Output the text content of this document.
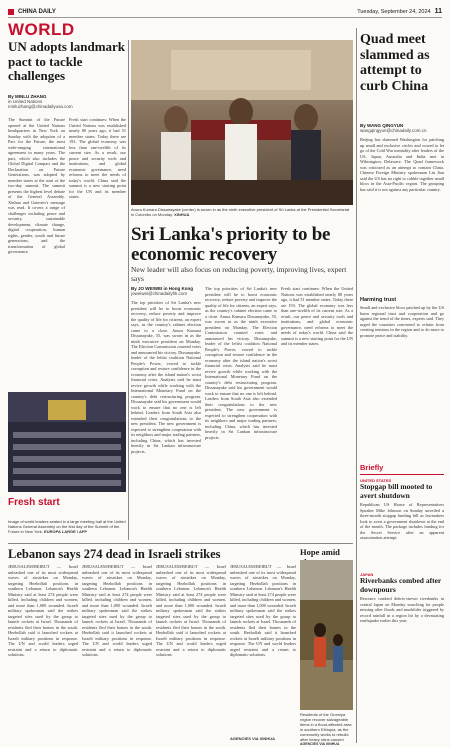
CHINA DAILY	Tuesday, September 24, 2024 11
WORLD
UN adopts landmark pact to tackle challenges
By MINLU ZHANG
in United Nations
minluzhang@chinadailyusa.com
The Summit of the Future opened at the United Nations headquarters in New York on Sunday with the adoption of a Pact for the Future, the most wide-ranging international agreement in many years. The pact, which also includes the Global Digital Compact and the Declaration on Future Generations, was adopted by member states at the start of the two-day summit. The summit presents the highest level debate of the General Assembly. Xinhua and Guterres's message was read. It covers a range of challenges including peace and security, sustainable development, climate change, digital cooperation, human rights, gender, youth and future generations, and the transformation of global governance.
Fresh start continues: When the United Nations was established nearly 80 years ago, it had 51 member states. Today there are 193. The global economy was less than one-twelfth of its current size. As a result, our peace and security tools and institutions, and global economic governance, need reforms to meet the needs of today's world. China said the summit is a new starting point for the UN and its member states.
Anura Kumara Dissanayake (center) is sworn in as the ninth executive president of Sri Lanka at the Presidential Secretariat in Colombo on Monday. XINHUA
Sri Lanka's priority to be economic recovery
New leader will also focus on reducing poverty, improving lives, expert says
By JO WEIWEI in Hong Kong
joweiwei@chinadailyhk.com
The top priorities of Sri Lanka's new president will be to boost economic recovery, reduce poverty and improve the quality of life for citizens, an expert says, as the country's cabinet election came to a close. Anura Kumara Dissanayake, 55, was sworn in as the ninth executive president on Monday. The Election Commission counted votes and announced his victory. Dissanayake, leader of the leftist coalition National People's Power, vowed to tackle corruption and restore confidence in the economy after the island nation's worst financial crisis. Analysts said he must revive growth while working with the International Monetary Fund on the country's debt restructuring program. Dissanayake said his government would work to ensure that no one is left behind. Leaders from South Asia also extended their congratulations to the new president. The new government is expected to strengthen cooperation with its neighbors and major trading partners, including China, which has invested heavily in Sri Lankan infrastructure projects.
The top priorities of Sri Lanka's new president will be to boost economic recovery, reduce poverty and improve the quality of life for citizens, an expert says, as the country's cabinet election came to a close. Anura Kumara Dissanayake, 55, was sworn in as the ninth executive president on Monday. The Election Commission counted votes and announced his victory. Dissanayake, leader of the leftist coalition National People's Power, vowed to tackle corruption and restore confidence in the economy after the island nation's worst financial crisis. Analysts said he must revive growth while working with the International Monetary Fund on the country's debt restructuring program. Dissanayake said his government would work to ensure that no one is left behind. Leaders from South Asia also extended their congratulations to the new president. The new government is expected to strengthen cooperation with its neighbors and major trading partners, including China, which has invested heavily in Sri Lankan infrastructure projects.
Fresh start continues: When the United Nations was established nearly 80 years ago, it had 51 member states. Today there are 193. The global economy was less than one-twelfth of its current size. As a result, our peace and security tools and institutions, and global economic governance, need reforms to meet the needs of today's world. China said the summit is a new starting point for the UN and its member states.
Image of world leaders seated in a large meeting hall at the United Nations General Assembly on the first day of the Summit of the Future in New York. EUROPA LARGE / AFP
Fresh start
Quad meet slammed as attempt to curb China
By WANG QINGYUN
wangqingyun@chinadaily.com.cn
Beijing has slammed Washington for patching up small and exclusive circles and vowed to let go of the Cold War mentality after leaders of the US, Japan, Australia and India met in Wilmington, Delaware. The Quad framework was criticized as an attempt to contain China. Chinese Foreign Ministry spokesman Lin Jian said the US has no right to cobble together small blocs in the Asia-Pacific region. The grouping has said it is not against any particular country.
Harming trust
Small and exclusive blocs patched up by the US harm regional trust and cooperation and go against the trend of the times, experts said. They urged the countries concerned to refrain from creating tensions in the region and to do more to promote peace and stability.
Briefly
UNITED STATES
Stopgap bill mooted to avert shutdown
Republican US House of Representatives Speaker Mike Johnson on Sunday unveiled a three-month stopgap funding bill as lawmakers look to avert a government shutdown at the end of the month. The package includes funding for the Secret Service after an apparent assassination attempt.
JAPAN
Riverbanks combed after downpours
Rescuers combed debris-strewn riverbanks in central Japan on Monday searching for people missing after floods and mudslides triggered by record rainfall in a region hit by a devastating earthquake earlier this year.
Lebanon says 274 dead in Israeli strikes
JERUSALEM/BEIRUT — Israel unleashed one of its most widespread waves of airstrikes on Monday, targeting Hezbollah positions in southern Lebanon. Lebanon's Health Ministry said at least 274 people were killed, including children and women, and more than 1,000 wounded. Israeli military spokesman said the strikes targeted sites used by the group to launch rockets at Israel. Thousands of residents fled their homes in the south. Hezbollah said it launched rockets at Israeli military positions in response. The UN and world leaders urged restraint and a return to diplomatic solutions.
JERUSALEM/BEIRUT — Israel unleashed one of its most widespread waves of airstrikes on Monday, targeting Hezbollah positions in southern Lebanon. Lebanon's Health Ministry said at least 274 people were killed, including children and women, and more than 1,000 wounded. Israeli military spokesman said the strikes targeted sites used by the group to launch rockets at Israel. Thousands of residents fled their homes in the south. Hezbollah said it launched rockets at Israeli military positions in response. The UN and world leaders urged restraint and a return to diplomatic solutions.
JERUSALEM/BEIRUT — Israel unleashed one of its most widespread waves of airstrikes on Monday, targeting Hezbollah positions in southern Lebanon. Lebanon's Health Ministry said at least 274 people were killed, including children and women, and more than 1,000 wounded. Israeli military spokesman said the strikes targeted sites used by the group to launch rockets at Israel. Thousands of residents fled their homes in the south. Hezbollah said it launched rockets at Israeli military positions in response. The UN and world leaders urged restraint and a return to diplomatic solutions.
JERUSALEM/BEIRUT — Israel unleashed one of its most widespread waves of airstrikes on Monday, targeting Hezbollah positions in southern Lebanon. Lebanon's Health Ministry said at least 274 people were killed, including children and women, and more than 1,000 wounded. Israeli military spokesman said the strikes targeted sites used by the group to launch rockets at Israel. Thousands of residents fled their homes in the south. Hezbollah said it launched rockets at Israeli military positions in response. The UN and world leaders urged restraint and a return to diplomatic solutions.
AGENCIES VIA XINHUA
Hope amid
Residents of the Oromiya region recover salvageable items in a flood-affected area in southern Ethiopia, as the community works to rebuild after heavy rains caused
AGENCIES VIA XINHUA
